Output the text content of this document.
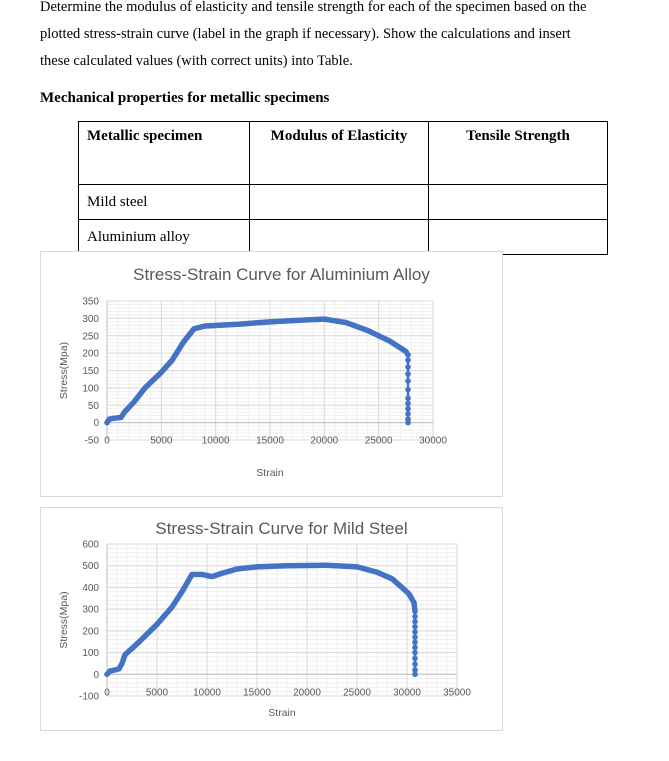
Determine the modulus of elasticity and tensile strength for each of the specimen based on the
plotted stress-strain curve (label in the graph if necessary). Show the calculations and insert
these calculated values (with correct units) into Table.
Mechanical properties for metallic specimens
Metallic specimen	Modulus of Elasticity	Tensile Strength
Mild steel		
Aluminium alloy		
Stress-Strain Curve for Aluminium Alloy
-50
0
50
100
150
200
250
300
350
0	5000	10000	15000	20000	25000	30000
Strain
Stress(Mpa)
Stress-Strain Curve for Mild Steel
-100
0
100
200
300
400
500
600
0	5000 10000 15000 20000 25000 30000 35000
Strain
Stress(Mpa)
